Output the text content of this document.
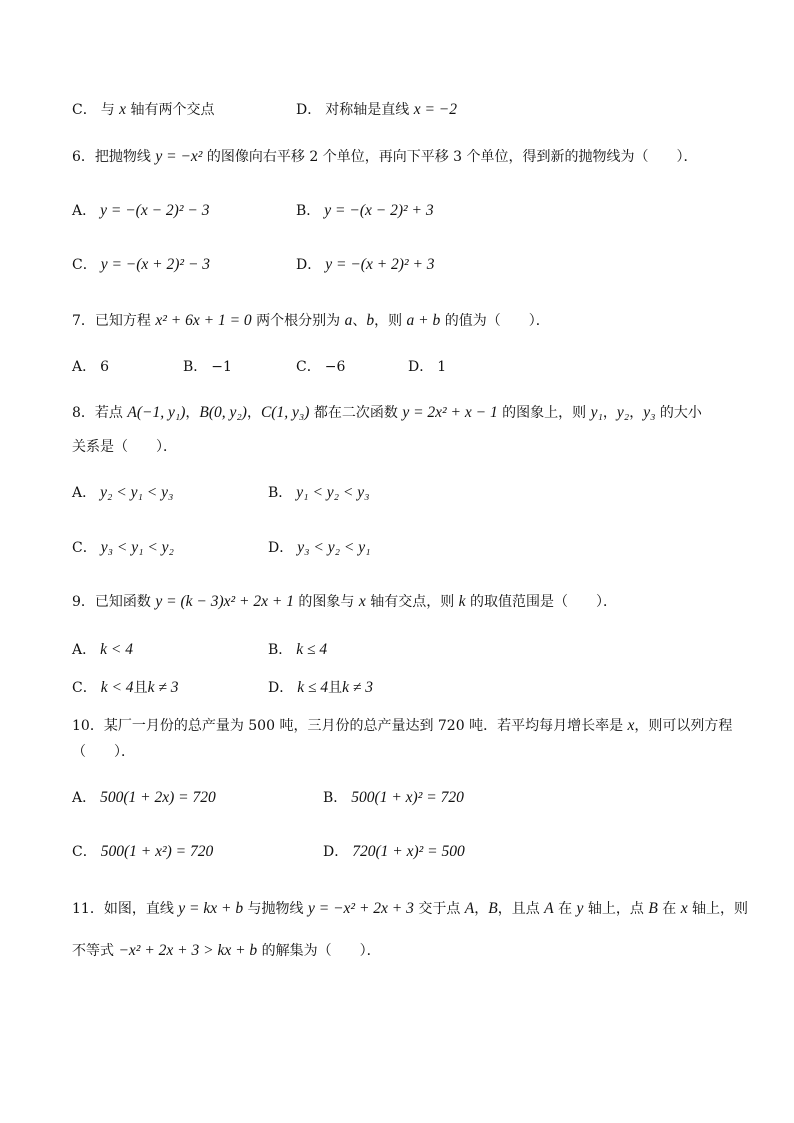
C． 与 x 轴有两个交点	D． 对称轴是直线 x = −2
6．把抛物线 y = −x² 的图像向右平移 2 个单位，再向下平移 3 个单位，得到新的抛物线为（　　）．
A． y = −(x − 2)² − 3	B． y = −(x − 2)² + 3
C． y = −(x + 2)² − 3	D． y = −(x + 2)² + 3
7．已知方程 x² + 6x + 1 = 0 两个根分别为 a、b，则 a + b 的值为（　　）．
A． 6	B． −1	C． −6	D． 1
8．若点 A(−1, y₁)，B(0, y₂)，C(1, y₃) 都在二次函数 y = 2x² + x − 1 的图象上，则 y₁，y₂，y₃ 的大小
关系是（　　）．
A． y₂ < y₁ < y₃	B． y₁ < y₂ < y₃
C． y₃ < y₁ < y₂	D． y₃ < y₂ < y₁
9．已知函数 y = (k − 3)x² + 2x + 1 的图象与 x 轴有交点，则 k 的取值范围是（　　）．
A． k < 4	B． k ≤ 4
C． k < 4且k ≠ 3	D． k ≤ 4且k ≠ 3
10．某厂一月份的总产量为 500 吨，三月份的总产量达到 720 吨．若平均每月增长率是 x，则可以列方程
（　　）．
A． 500(1 + 2x) = 720	B． 500(1 + x)² = 720
C． 500(1 + x²) = 720	D． 720(1 + x)² = 500
11．如图，直线 y = kx + b 与抛物线 y = −x² + 2x + 3 交于点 A，B，且点 A 在 y 轴上，点 B 在 x 轴上，则
不等式 −x² + 2x + 3 > kx + b 的解集为（　　）．
